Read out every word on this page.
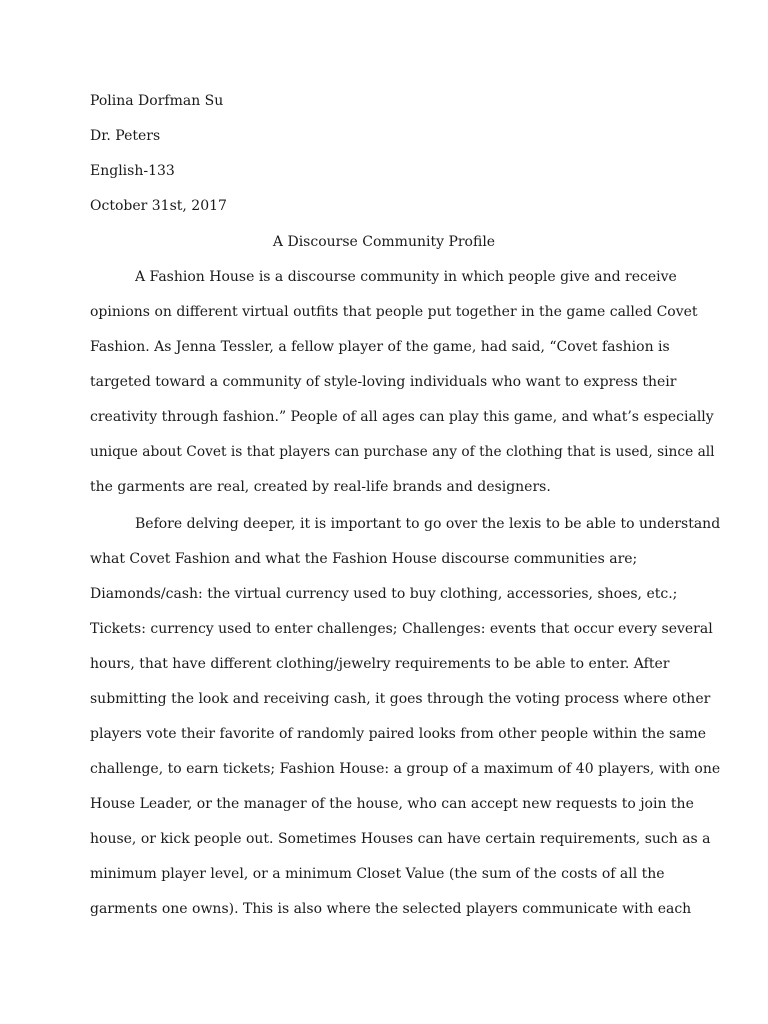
Polina Dorfman Su
Dr. Peters
English-133
October 31st, 2017
A Discourse Community Profile
A Fashion House is a discourse community in which people give and receive
opinions on different virtual outfits that people put together in the game called Covet
Fashion. As Jenna Tessler, a fellow player of the game, had said, “Covet fashion is
targeted toward a community of style-loving individuals who want to express their
creativity through fashion.” People of all ages can play this game, and what’s especially
unique about Covet is that players can purchase any of the clothing that is used, since all
the garments are real, created by real-life brands and designers.
Before delving deeper, it is important to go over the lexis to be able to understand
what Covet Fashion and what the Fashion House discourse communities are;
Diamonds/cash: the virtual currency used to buy clothing, accessories, shoes, etc.;
Tickets: currency used to enter challenges; Challenges: events that occur every several
hours, that have different clothing/jewelry requirements to be able to enter. After
submitting the look and receiving cash, it goes through the voting process where other
players vote their favorite of randomly paired looks from other people within the same
challenge, to earn tickets; Fashion House: a group of a maximum of 40 players, with one
House Leader, or the manager of the house, who can accept new requests to join the
house, or kick people out. Sometimes Houses can have certain requirements, such as a
minimum player level, or a minimum Closet Value (the sum of the costs of all the
garments one owns). This is also where the selected players communicate with each
